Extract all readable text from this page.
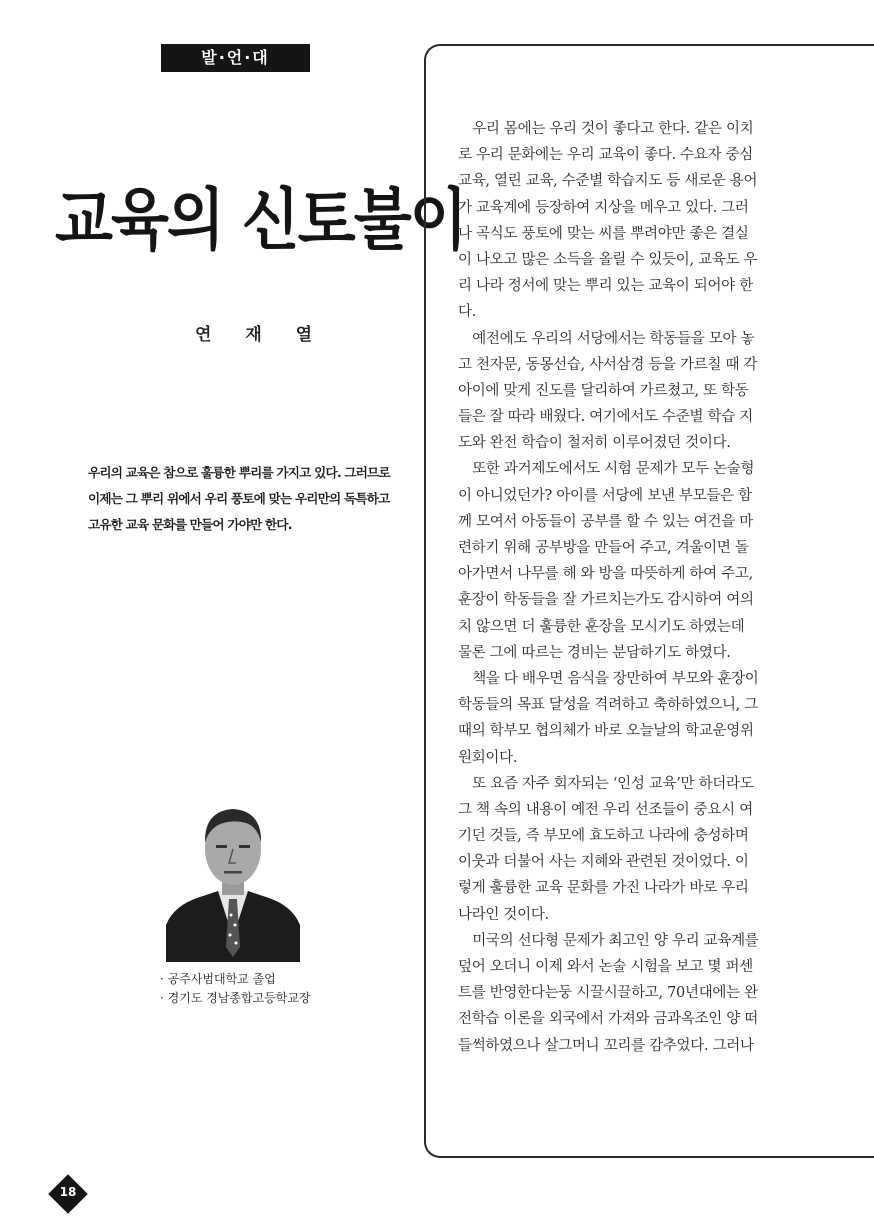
발·언·대
교육의 신토불이
연 재 열
우리의 교육은 참으로 훌륭한 뿌리를 가지고 있다. 그러므로
이제는 그 뿌리 위에서 우리 풍토에 맞는 우리만의 독특하고
고유한 교육 문화를 만들어 가야만 한다.
· 공주사범대학교 졸업
· 경기도 경남종합고등학교장
　우리 몸에는 우리 것이 좋다고 한다. 같은 이치
로 우리 문화에는 우리 교육이 좋다. 수요자 중심
교육, 열린 교육, 수준별 학습지도 등 새로운 용어
가 교육계에 등장하여 지상을 메우고 있다. 그러
나 곡식도 풍토에 맞는 씨를 뿌려야만 좋은 결실
이 나오고 많은 소득을 올릴 수 있듯이, 교육도 우
리 나라 정서에 맞는 뿌리 있는 교육이 되어야 한
다.
　예전에도 우리의 서당에서는 학동들을 모아 놓
고 천자문, 동몽선습, 사서삼경 등을 가르칠 때 각
아이에 맞게 진도를 달리하여 가르쳤고, 또 학동
들은 잘 따라 배웠다. 여기에서도 수준별 학습 지
도와 완전 학습이 철저히 이루어졌던 것이다.
　또한 과거제도에서도 시험 문제가 모두 논술형
이 아니었던가? 아이를 서당에 보낸 부모들은 함
께 모여서 아동들이 공부를 할 수 있는 여건을 마
련하기 위해 공부방을 만들어 주고, 겨울이면 돌
아가면서 나무를 해 와 방을 따뜻하게 하여 주고,
훈장이 학동들을 잘 가르치는가도 감시하여 여의
치 않으면 더 훌륭한 훈장을 모시기도 하였는데
물론 그에 따르는 경비는 분담하기도 하였다.
　책을 다 배우면 음식을 장만하여 부모와 훈장이
학동들의 목표 달성을 격려하고 축하하였으니, 그
때의 학부모 협의체가 바로 오늘날의 학교운영위
원회이다.
　또 요즘 자주 회자되는 ‘인성 교육’만 하더라도
그 책 속의 내용이 예전 우리 선조들이 중요시 여
기던 것들, 즉 부모에 효도하고 나라에 충성하며
이웃과 더불어 사는 지혜와 관련된 것이었다. 이
렇게 훌륭한 교육 문화를 가진 나라가 바로 우리
나라인 것이다.
　미국의 선다형 문제가 최고인 양 우리 교육계를
덮어 오더니 이제 와서 논술 시험을 보고 몇 퍼센
트를 반영한다는둥 시끌시끌하고, 70년대에는 완
전학습 이론을 외국에서 가져와 금과옥조인 양 떠
들썩하였으나 살그머니 꼬리를 감추었다. 그러나
18
